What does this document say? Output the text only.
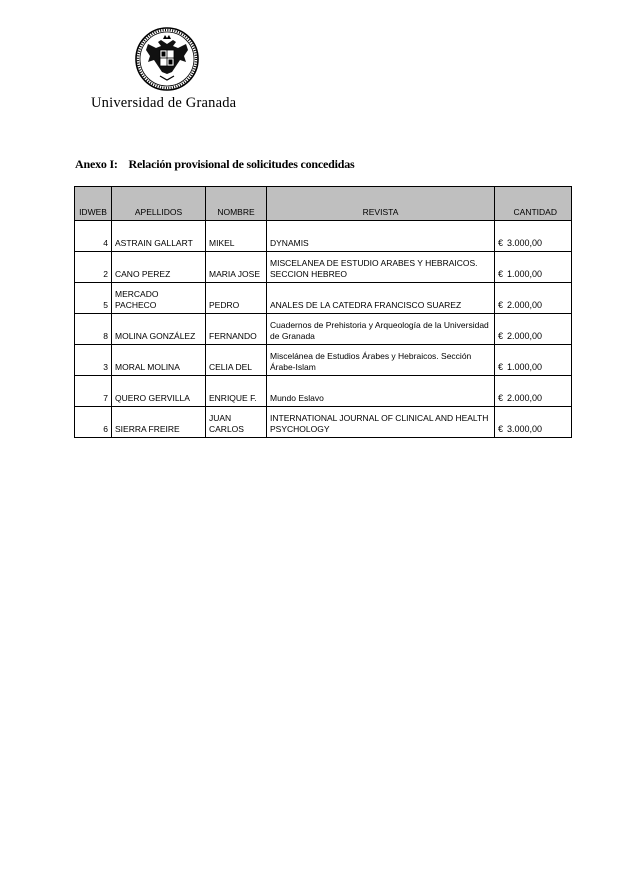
Universidad de Granada
Anexo I: Relación provisional de solicitudes concedidas
IDWEB	APELLIDOS	NOMBRE	REVISTA	CANTIDAD
4	ASTRAIN GALLART	MIKEL	DYNAMIS	€ 3.000,00
2	CANO PEREZ	MARIA JOSE	MISCELANEA DE ESTUDIO ARABES Y HEBRAICOS. SECCION HEBREO	€ 1.000,00
5	MERCADO PACHECO	PEDRO	ANALES DE LA CATEDRA FRANCISCO SUAREZ	€ 2.000,00
8	MOLINA GONZÁLEZ	FERNANDO	Cuadernos de Prehistoria y Arqueología de la Universidad de Granada	€ 2.000,00
3	MORAL MOLINA	CELIA DEL	Miscelánea de Estudios Árabes y Hebraicos. Sección Árabe-Islam	€ 1.000,00
7	QUERO GERVILLA	ENRIQUE F.	Mundo Eslavo	€ 2.000,00
6	SIERRA FREIRE	JUAN CARLOS	INTERNATIONAL JOURNAL OF CLINICAL AND HEALTH PSYCHOLOGY	€ 3.000,00
